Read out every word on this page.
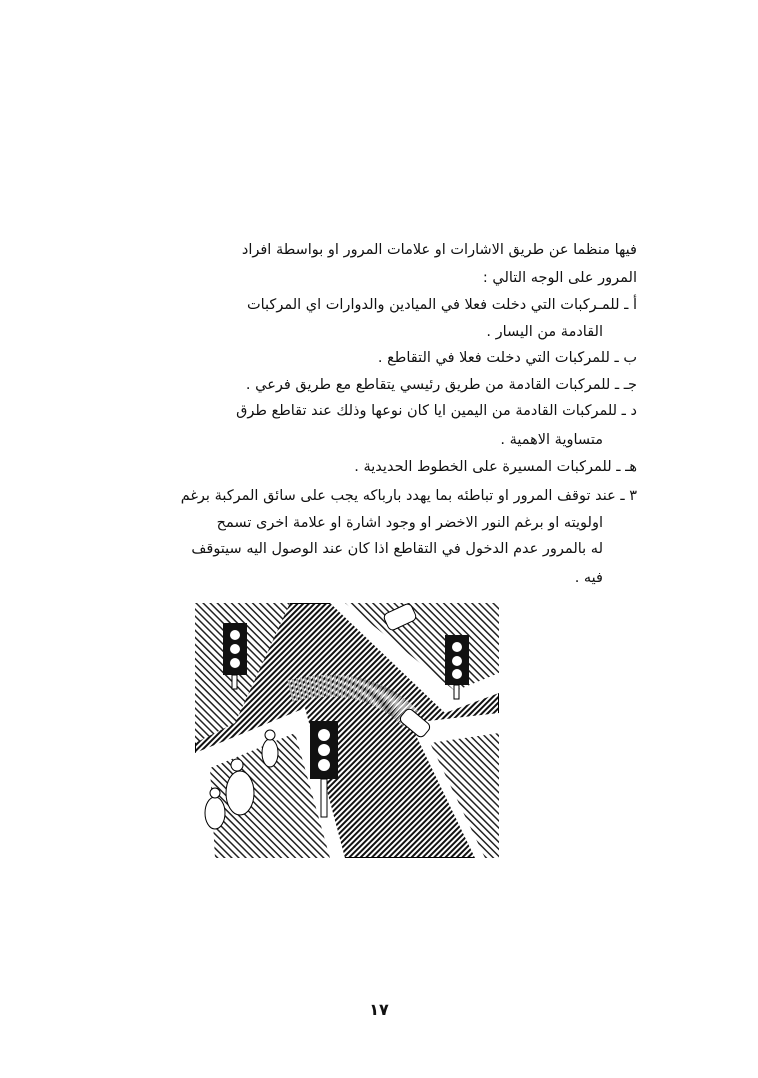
فيها منظما عن طريق الاشارات او علامات المرور او بواسطة افراد
المرور على الوجه التالي :
أ ـ للمـركبات التي دخلت فعلا في الميادين والدوارات اي المركبات
القادمة من اليسار .
ب ـ للمركبات التي دخلت فعلا في التقاطع .
جـ ـ للمركبات القادمة من طريق رئيسي يتقاطع مع طريق فرعي .
د ـ للمركبات القادمة من اليمين ايا كان نوعها وذلك عند تقاطع طرق
متساوية الاهمية .
هـ ـ للمركبات المسيرة على الخطوط الحديدية .
٣ ـ عند توقف المرور او تباطئه بما يهدد بارباكه يجب على سائق المركبة برغم
اولويته او برغم النور الاخضر او وجود اشارة او علامة اخرى تسمح
له بالمرور عدم الدخول في التقاطع اذا كان عند الوصول اليه سيتوقف
فيه .
١٧
